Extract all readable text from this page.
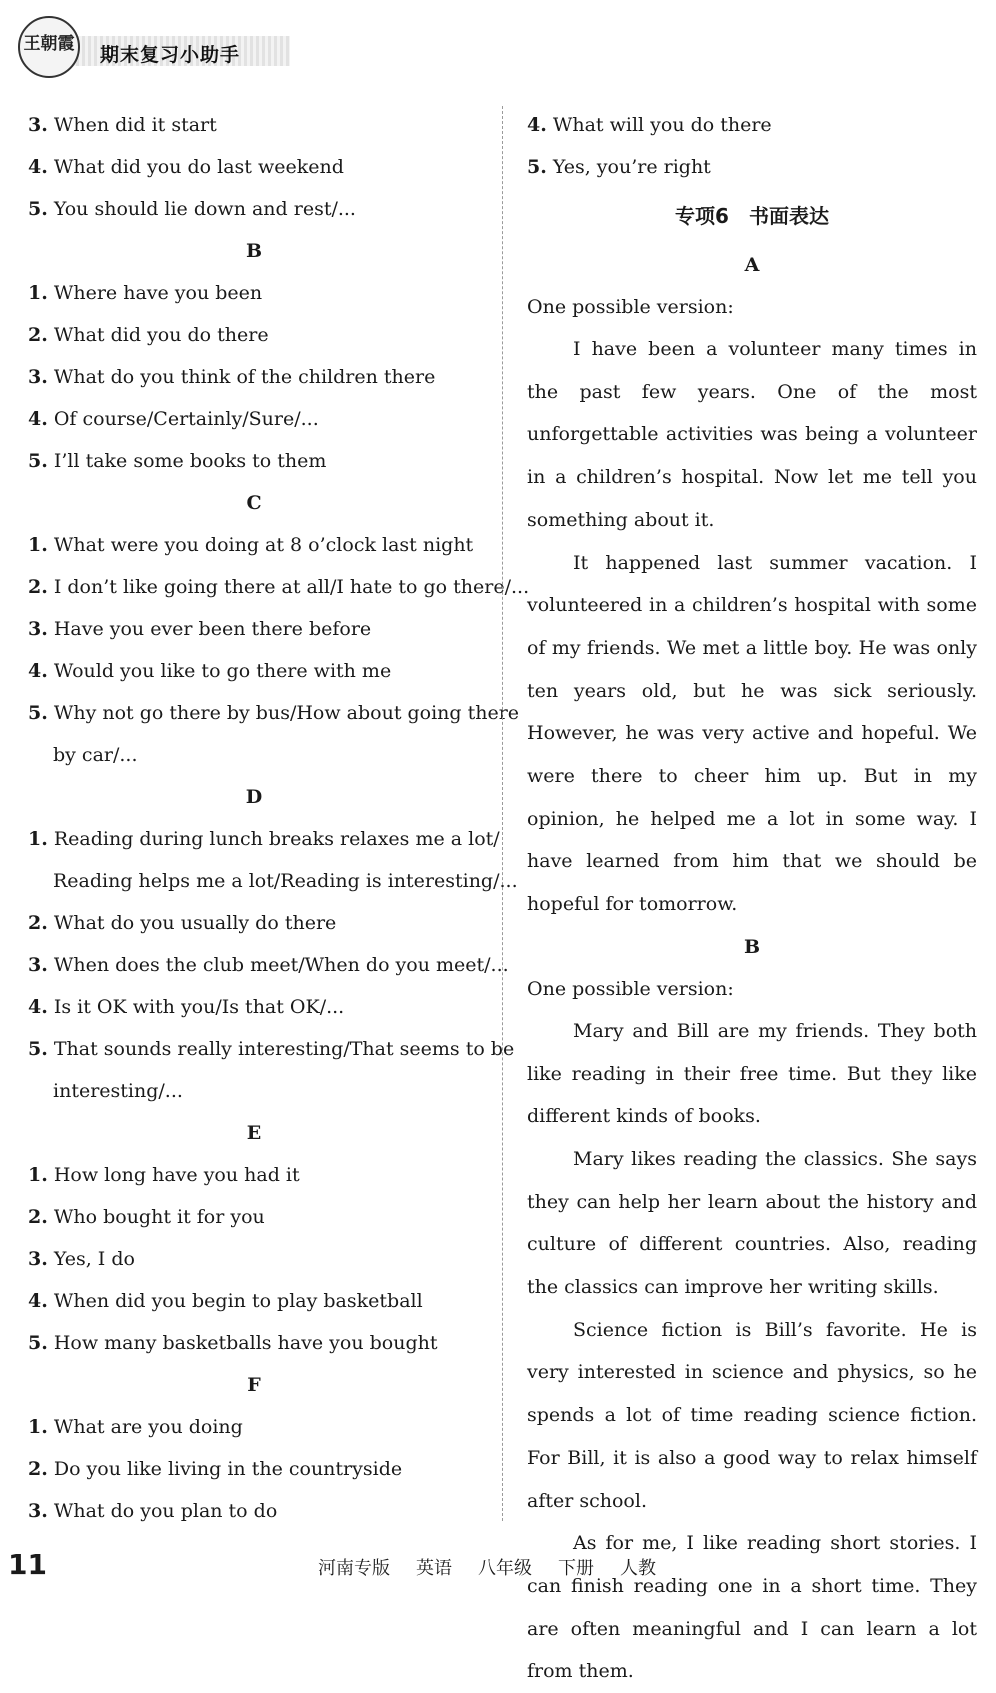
王朝霞 期末复习小助手
3. When did it start
4. What did you do last weekend
5. You should lie down and rest/...
B
1. Where have you been
2. What did you do there
3. What do you think of the children there
4. Of course/Certainly/Sure/...
5. I’ll take some books to them
C
1. What were you doing at 8 o’clock last night
2. I don’t like going there at all/I hate to go there/...
3. Have you ever been there before
4. Would you like to go there with me
5. Why not go there by bus/How about going there
by car/...
D
1. Reading during lunch breaks relaxes me a lot/
Reading helps me a lot/Reading is interesting/...
2. What do you usually do there
3. When does the club meet/When do you meet/...
4. Is it OK with you/Is that OK/...
5. That sounds really interesting/That seems to be
interesting/...
E
1. How long have you had it
2. Who bought it for you
3. Yes, I do
4. When did you begin to play basketball
5. How many basketballs have you bought
F
1. What are you doing
2. Do you like living in the countryside
3. What do you plan to do
4. What will you do there
5. Yes, you’re right
专项6　书面表达
A
One possible version:

I have been a volunteer many times in the past few years. One of the most unforgettable activities was being a volunteer in a children’s hospital. Now let me tell you something about it.

It happened last summer vacation. I volunteered in a children’s hospital with some of my friends. We met a little boy. He was only ten years old, but he was sick seriously. However, he was very active and hopeful. We were there to cheer him up. But in my opinion, he helped me a lot in some way. I have learned from him that we should be hopeful for tomorrow.

B
One possible version:

Mary and Bill are my friends. They both like reading in their free time. But they like different kinds of books.

Mary likes reading the classics. She says they can help her learn about the history and culture of different countries. Also, reading the classics can improve her writing skills.

Science fiction is Bill’s favorite. He is very interested in science and physics, so he spends a lot of time reading science fiction. For Bill, it is also a good way to relax himself after school.

As for me, I like reading short stories. I can finish reading one in a short time. They are often meaningful and I can learn a lot from them.

11	河南专版 英语 八年级 下册 人教
